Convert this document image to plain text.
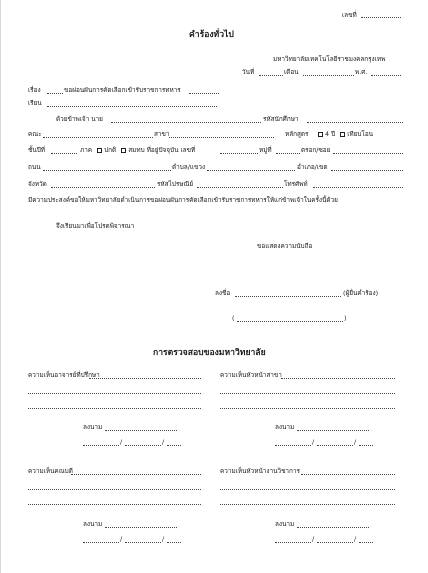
เลขที่
คำร้องทั่วไป
มหาวิทยาลัยเทคโนโลยีราชมงคลกรุงเทพ
วันที่	เดือน	พ.ศ.
เรื่อง	ขอผ่อนผันการคัดเลือกเข้ารับราชการทหาร
เรียน
ด้วยข้าพเจ้า นาย	รหัสนักศึกษา
คณะ	สาขา	หลักสูตร	4 ปี เทียบโอน
ชั้นปีที่	ภาค ปกติ สมทบ ที่อยู่ปัจจุบัน เลขที่	หมู่ที่	ตรอก/ซอย
ถนน	ตำบล/แขวง	อำเภอ/เขต
จังหวัด	รหัสไปรษณีย์	โทรศัพท์
มีความประสงค์ขอให้มหาวิทยาลัยดำเนินการขอผ่อนผันการคัดเลือกเข้ารับราชการทหารให้แก่ข้าพเจ้าในครั้งนี้ด้วย
จึงเรียนมาเพื่อโปรดพิจารณา
ขอแสดงความนับถือ
ลงชื่อ	(ผู้ยื่นคำร้อง)
(	)
การตรวจสอบของมหาวิทยาลัย
ความเห็นอาจารย์ที่ปรึกษา
ลงนาม
/	/
ความเห็นหัวหน้าสาขา
ลงนาม
/	/
ความเห็นคณบดี
ลงนาม
/	/
ความเห็นหัวหน้างานวิชาการ
ลงนาม
/	/
